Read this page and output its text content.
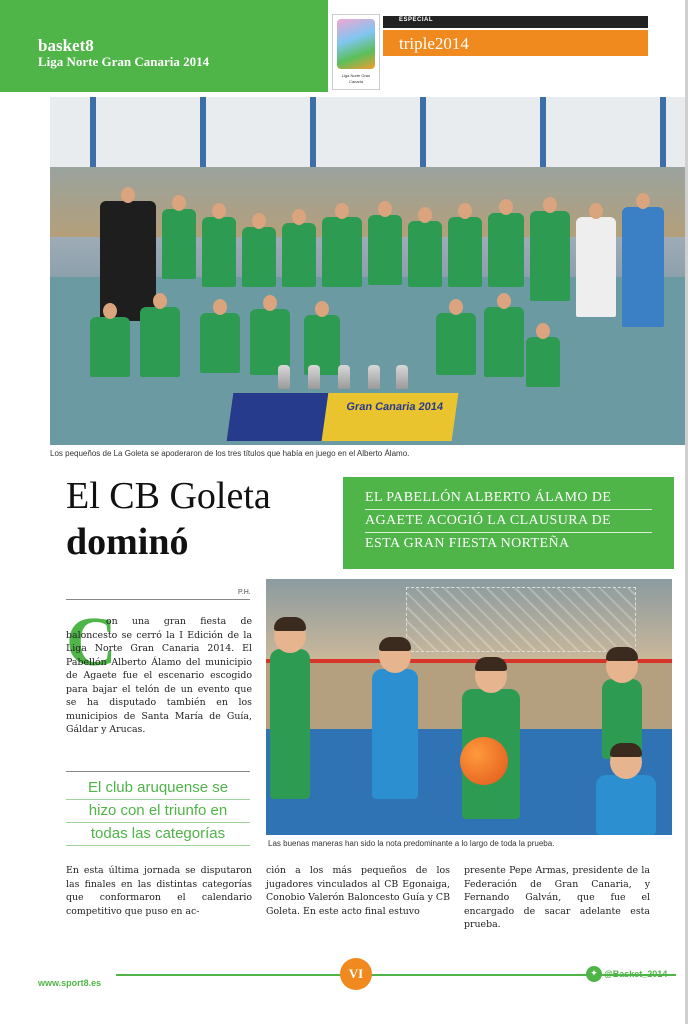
basket8
Liga Norte Gran Canaria 2014
Liga Norte Gran Canaria
ESPECIAL
triple2014
Gran Canaria 2014
Los pequeños de La Goleta se apoderaron de los tres títulos que había en juego en el Alberto Álamo.
El CB Goleta
dominó
EL PABELLÓN ALBERTO ÁLAMO DE
AGAETE ACOGIÓ LA CLAUSURA DE
ESTA GRAN FIESTA NORTEÑA
P.H.
C
on una gran fiesta de baloncesto se cerró la I Edición de la Liga Norte Gran Canaria 2014. El Pabellón Alberto Álamo del municipio de Agaete fue el escenario escogido para bajar el telón de un evento que se ha disputado también en los municipios de Santa María de Guía, Gáldar y Arucas.
El club aruquense se
hizo con el triunfo en
todas las categorías
Las buenas maneras han sido la nota predominante a lo largo de toda la prueba.
En esta última jornada se disputaron las finales en las distintas categorías que conformaron el calendario competitivo que puso en ac-
ción a los más pequeños de los jugadores vinculados al CB Egonaiga, Conobio Valerón Baloncesto Guía y CB Goleta. En este acto final estuvo
presente Pepe Armas, presidente de la Federación de Gran Canaria, y Fernando Galván, que fue el encargado de sacar adelante esta prueba.
www.sport8.es
VI	✦ @Basket_2014
